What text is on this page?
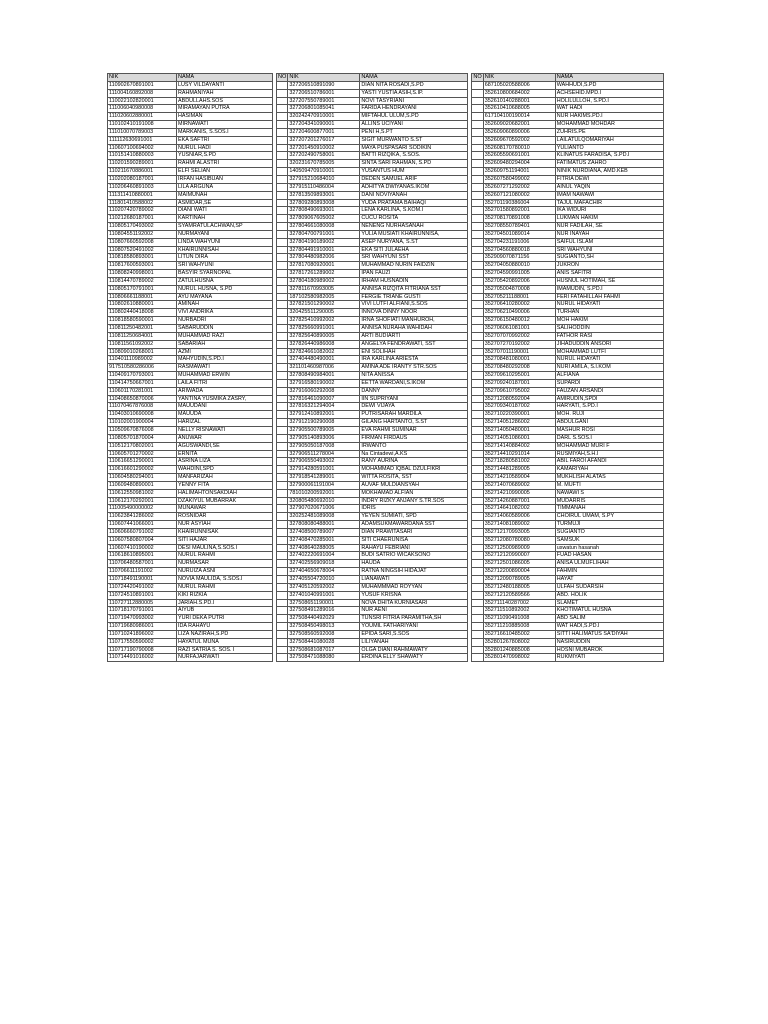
NIK	NAMA
110902670891001	LUSY VILDAYANTI
111004160892008	RAHMANIYAH
110022102820001	ABDULLAHS.SOS
111006040980008	MIRAMAYAN PUTRA
111020602880001	HASIMAN
110102410191008	MIRNAWATI
111010070789003	MARKANIS, S.SOS.I
111112630691001	EKA SAFTRI
110607100694002	NURUL HADI
110151410880003	YUSNIAR,S.PD
110201590289001	RAHMI ALASTRI
110211670886001	ELFI SELIAN
110202080187001	IRFAN HASIBUAN
110206460891003	LILA ARGUNA
111311410880001	MAIMUNAH
111801410588002	ASMIDAR,SE
110207420789002	DIANI WATI
110212680187001	KARTINAH
110805170493002	SYAMRATULACHWAN,SP
110804551192002	NURMAYANI
110807660592008	LINDA WAHYUNI
110807520491002	KHAIRUNNISAH
110818580893001	LITUN DIRA
110817600593001	SRI WAHYUNI
110808240998001	BASYIR SYARNOPAL
110814470789002	ZATULHUSNA
110805170791001	NURUL HUSNA, S.PD
110806661188001	AYU MAYANA
110802610880001	AMINAH
110802440418008	VIVI ANDRIKA
110818580590001	NURBADRI
110811250482001	SABARUDDIN
110811250684001	MUHAMMAD RAZI
110811561092002	SABARIAH
110809010268001	AZMI
110401110989002	MAHYUDIN,S.PD.I
917510580286006	RASMAWATI
110409170793001	MUHAMMAD ERWIN
110414750667001	LAILA FITRI
110601170281001	ARIWADA
110408650870006	YANTINA YUSMIKA ZASRY,
111070467876008	MAUUDANI
110403010690008	MAUUDA
110102001900004	HARIZAL
110509670876008	NELLY RISNAWATI
110805701870004	ANUWAR
110512170802001	AGUSWANDI,SE
110605701270002	ERNITA
110616651290001	ASRINA LIZA
110616601290002	WAHDINI,SPD
110604580294001	MANFARIZAH
110609480890001	YENNY FITA
110612550981002	HALIMAHTONSAKDIAH
110612170292001	DZAKIYUL MUBARRAK
111005490000002	MUNAWAR
110623841286002	ROSNIDAR
110607441066001	NUR ASYIAH
110606660791002	KHAIRUNNISAK
110607580807004	SITI HAJAR
110607410190002	DESI MAULINA,S.SOS.I
110618610895001	NURUL RAHMI
110706480587001	NURMASAR
110706611191002	NURUIZA ASNI
110718491190001	NOVIA MAULIDA, S.SOS.I
110724420491002	NURUL RAHMI
110724510891001	KIKI RIZKIA
110727112880005	JARIAH.S.PD.I
110718170791001	AIYUB
110719470993002	YURI DEKA PUTRI
110719680986001	IDA RAHAYU
110710241896002	LIZA NAZIRAH,S.PD
110717550590002	HAYATUL MUNA
110717190790008	RAZI SATRIA S. SOS. I
110714491016002	NURFAJARWATI
NO	NIK	NAMA
	327206510891090	DIAN NITA ROSADI,S.PD
	327206510786001	YASTI YUSTIA ASIH,S.IP.
	327207550789001	NOVI TASYRIANI
	327206801085041	FARIDA HENDRAYANI
	320242470910001	MIFTAHUL ULUM,S.PD
	327204341090001	ALLINS UCIYANI
	327204600877001	PENI H,S.PT
	327207201276017	SIGIT MURWANTO S.ST
	327201450910002	MAYA PUSPASARI SODIKIN
	327202490758001	BATTI RIZQIKA, S.SOS.
	320231670785005	SINTA SARI RAHMAN, S.PD
	140509470910001	YUSANTUS HUM
	327915210684010	DEDEN SAMUEL ARIF
	327915110486004	ADHITYA DWIYANAS.IKOM
	327813509893001	DANI NOVIYANAH
	327809280893008	YUDA PRATAMA BAIHAQI
	327808490693001	LENA KARLINA, S.KOM.I
	327809067605002	CUCU ROSITA
	327804661080008	NENENG NURHASANAH
	327804700791001	YULIA MUSIATI KHAIRUNNISA,
	327804190189002	ASEP NURYANA, S.ST
	327804491910001	EKA SITI JULAEHA
	327804480982006	SRI WAHYUNI SST
	327817080920001	MUHAMMAD NURIN FAIDZIN
	327817261289002	IPAN FAUZI
	327804180989002	IRHAM HUSNADIN
	327811670993005	ANNISA RIZQITA FITRIANA SST
	187102580982005	FERGIE TRIANE GUSTI
	327821501290002	VIVI LUTFI ALFIANI,S.SOS
	320425511290005	INNOVA DINNY NOOR
	327825410992002	IRNA SHOFIATI MANHUROH,
	327825660991001	ANNISA NURAHA WAHIDAH
	327825640890005	ARTI BUDIARTI
	327826440986008	ANGELYA FENDRAWATI, SST
	327824661082002	ENI SOLIHAH
	327404480490001	IRA KARLINA ARIESTA
	321101460987006	AMINA ADE IRANTY STR.SOS
	327808490984001	NITA ANISSA
	327916580190002	EETTA WARDANI,S.IKOM
	327916060292008	DANNY
	327816461090007	IIN SUPRIYANI
	327816321294004	DEWI VIJAYA
	327912410892001	PUTRISARAH MARDILA
	327912190290008	GILANG HARTANTO, S.ST
	327905500789005	EVA RAHMI SUMINAR
	327905140893006	FIRMAN FIRDAUS
	327905050187008	IRWANTO
	327906511278004	Na Cintadewi,A.KS
	327906550493002	RANY AURINA
	327914280591001	MOHAMMAD IQBAL DZULFIKRI
	327918541289001	WITTA ROSITA, SST
	327900061191004	AUVAF MULDIANSYAH
	781010200592001	MOKHAMAD ALFIAN
	320805480692010	INDRY RIZKY ANJANY S.TR.SOS
	327907020671006	IDRIS
	320252481089008	YEYEN SUMIATI, SPD
	327808080488001	ADAMSUKMAWARDANA SST
	327408500789007	DIAN PRAWITASARI
	327408470285001	SITI CHAERUNISA
	327408640288005	RAHAYU FEBRIANI
	327402220691004	BUDI SATRIO WICAKSONO
	327402556909018	HAUDA
	327404650678004	RATNA NINGSIH HIDAJAT
	327405504720010	LIANAWATI
	327405120592002	MUHAMMMAD ROYYAN
	327401040991001	YUSUF KRISNA
	327508651190001	NOVA DHITA KURNIASARI
	327508491289016	NUR AENI
	327508440492029	TUNSRI FITRIA PARAMITHA,SH
	327508450498013	YOUMIL FATHARIYANI
	327508560592008	EPIDA SARI,S.SOS
	327508441080028	LILIYANAH
	327508681087017	OLGA DIANI RAHMAWATY
	327508471088080	ERDINA ELLY SHAWATY
NO	NIK	NAMA
	687105020588006	WAHHUDI,S.PD
	352610800684002	ACHSEHID.MPD.I
	352610140288001	HOLILULLOH, S.PD.I
	352610410688005	WAT HADI
	617104100190014	NUR HAKIMS.PD.I
	352609020682001	MOHAMMAD MOHDAR
	352609060890006	ZUHRIS.PE
	352609670592002	LAILATULQOMARIYAH
	352608170780010	YULIANTO
	352605590691001	KLINATUS FARADISA, S.PD.I
	352609480294004	FATIMATUS ZAHRO
	352609751194001	NINIK NURDIANA, AMD.KEB
	352607580499002	FITRIA DEWI
	352607271292002	AINUL YAQIN
	352607121080002	IMAM NAWAWI
	352701190386004	TAJUL MAFACHIR
	352701580892001	IKA WIDURI
	352708170891008	LUKMAN HAKIM
	352708550789401	NUR FADILAH, SE
	352704501089014	NUR INAYAH
	352704231191006	SAIFUL ISLAM
	352704560880018	SRI WAHYUNI
	352909070871156	SUGIANTO,SH
	352704050880010	JUKRON
	352704590991005	ANIS SAFITRI
	352705420892006	HUSNUL HOTIMAH, SE
	352705004870008	IMAMUDIN, S.PD.I
	352705211188001	FERI FATAHILLAH FAHMI
	352706410280002	NURUL HIDAYATI
	352706210490006	TURHAN
	352706150480012	MOH HAKIM
	352706061081001	SALIHODDIN
	352707070992002	FATHOR RASI
	352707270192002	JIHADUDDIN ANSORI
	352707011190001	MOHAMMAD LUTFI
	352708481080001	NURUL HIDAYATI
	352708480292008	NURI AMILA, S.I.KOM
	352709610295001	ALFIANA
	352709240187001	SUPARDI
	352709610795002	FAUZAN ARSANDI
	352712080592004	AMIRUDIN,SPDI
	352709340187002	HARYATI, S.PD.I
	352710220390001	MOH. RUJI
	352714051286002	ABDULGANI
	352714050480001	MASHUR ROSI
	352714051086001	DARL S.SOS.I
	352714140884002	MOHAMMAD MURI F
	352714410291014	RUSMIYAH,S.H.I
	352718280581002	ABIL FAROI AFANDI
	352714481289005	KAMARIYAH
	352714210589004	MUKHLISH ALATAS
	352714070689002	M. MUFTI
	352714210990005	NAWAWI S
	352714260887001	MUDARRIS
	352714641082002	TIMMANAH
	352714060589006	CHOIRUL UMAM, S.PY
	352714081089002	TURMUJI
	352712170993005	SUGIANTO
	352712080780080	SAMSUK
	352712500989009	uswatun hasanah
	352712120990007	FUAD HASAN
	352712501086005	ANISA ULMUFLIHAH
	352712200890004	FAHMIN
	352712090789005	HAYAT
	352712480188005	ULFAH SUDARSIH
	352712120589566	ABD. HOLIK
	352711140287002	SLAMET
	352711510892002	KHOTIMATUL HUSNA
	352711090491008	ABD SALIM
	352711210885008	WAT HADI,S.PD.I
	352716610485002	SITTI HALIMATUS SA'DIYAH
	352801267808002	NASIRUDDIN
	352801240885008	HOSNI MUBAROK
	352801470998002	RUKMIYATI
